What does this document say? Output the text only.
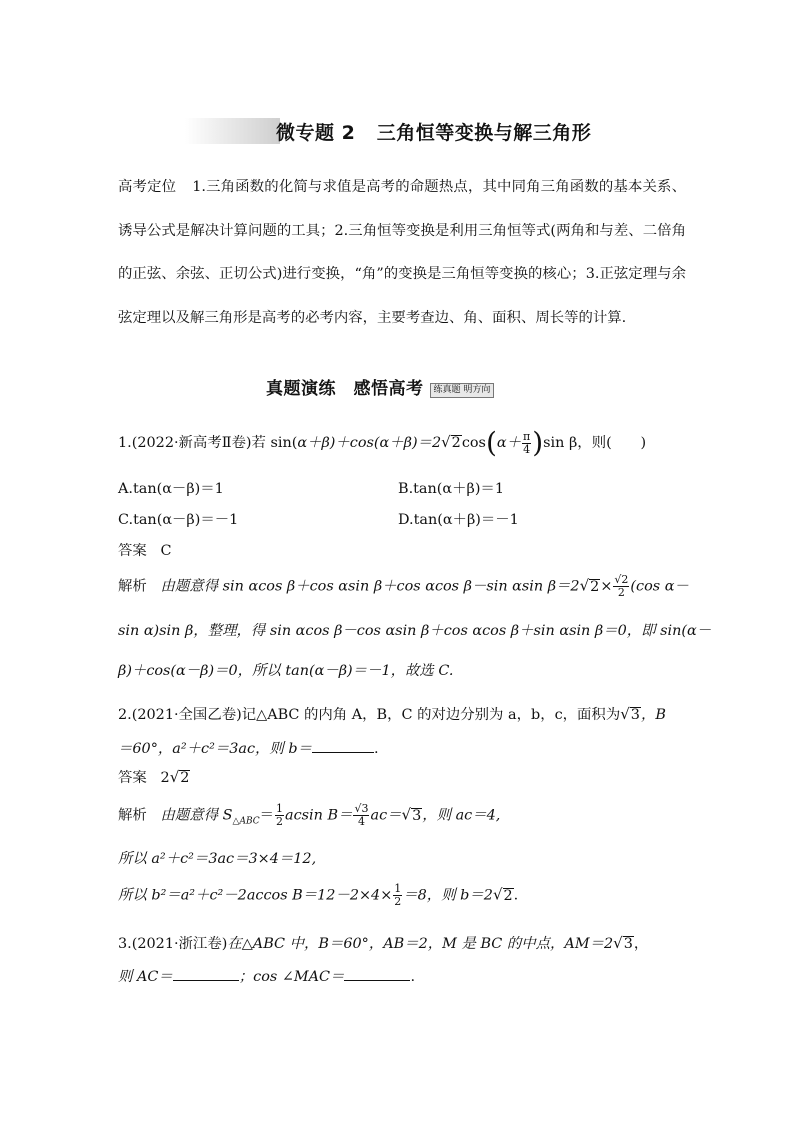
微专题 2 三角恒等变换与解三角形
高考定位 1.三角函数的化简与求值是高考的命题热点，其中同角三角函数的基本关系、诱导公式是解决计算问题的工具；2.三角恒等变换是利用三角恒等式(两角和与差、二倍角的正弦、余弦、正切公式)进行变换，“角”的变换是三角恒等变换的核心；3.正弦定理与余弦定理以及解三角形是高考的必考内容，主要考查边、角、面积、周长等的计算.
真题演练　感悟高考 练真题 明方向
1.(2022·新高考Ⅱ卷)若 $\sin(\alpha+\beta)+\cos(\alpha+\beta)=2√2\cos(\alpha+ \frac{\pi}{4} )\sin$ β，则(　　)
A.tan(α－β)＝1	B.tan(α＋β)＝1
C.tan(α－β)＝－1	D.tan(α＋β)＝－1
答案 C
解析 由题意得 sin αcos β＋cos αsin β＋cos αcos β－sin αsin $\beta=2√2\times \frac{√2}{2} (\cos$ α－
sin α)sin β，整理，得 sin αcos β－cos αsin β＋cos αcos β＋sin αsin β＝0，即 sin(α－
β)＋cos(α－β)＝0，所以 tan(α－β)＝－1，故选 C.
2.(2021·全国乙卷)记△ABC 的内角 A，B，C 的对边分别为 a，b，c，面积为√3，B
＝60°，a²＋c²＝3ac，则 b＝	.
答案 2√2
解析 由题意得 $S_{\triangle ABC}= \frac{1}{2}$ acsin $B= \frac{√3}{4} ac=√3$，则 ac＝4,
所以 a²＋c²＝3ac＝3×4＝12,
所以 b²＝a²＋c²－2accos $B=12-2\times 4\times \frac{1}{2} =8$，则 b＝2√2.
3.(2021·浙江卷)在△ABC 中，B＝60°，AB＝2，M 是 BC 的中点，AM＝2√3，
则 AC＝	；cos ∠MAC＝	.
